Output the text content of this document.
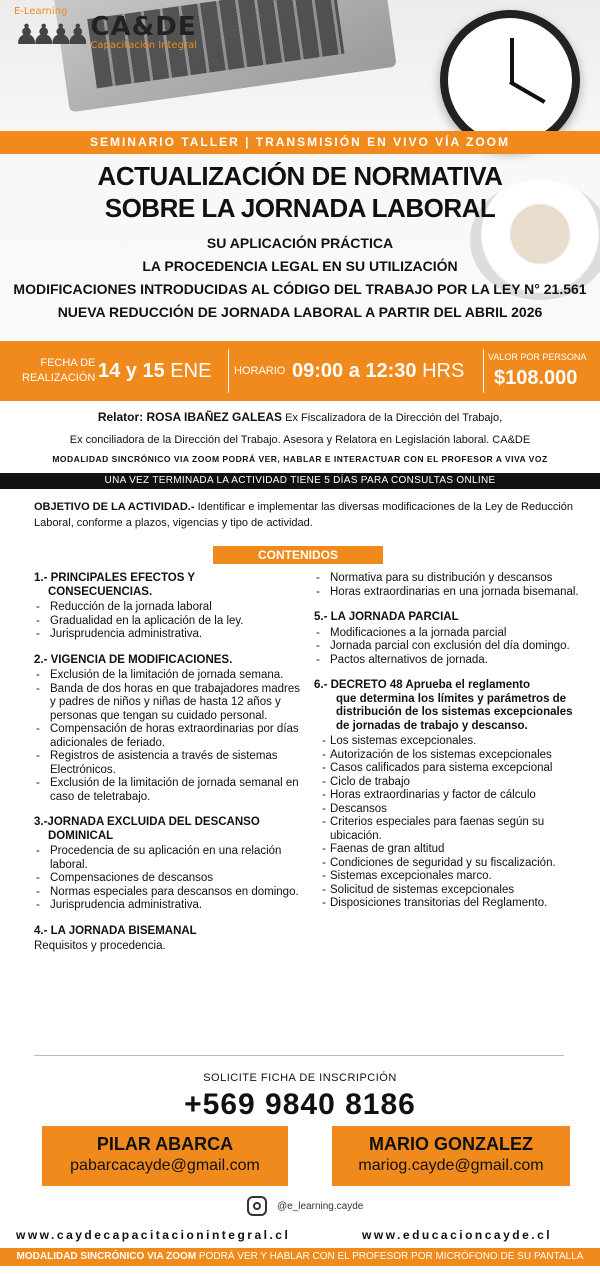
♟♟♟♟
E-Learning
CA&DE
Capacitación Integral
SEMINARIO TALLER | TRANSMISIÓN EN VIVO VÍA ZOOM
ACTUALIZACIÓN DE NORMATIVA
SOBRE LA JORNADA LABORAL
SU APLICACIÓN PRÁCTICA
LA PROCEDENCIA LEGAL EN SU UTILIZACIÓN
MODIFICACIONES INTRODUCIDAS AL CÓDIGO DEL TRABAJO POR LA LEY N° 21.561
NUEVA REDUCCIÓN DE JORNADA LABORAL A PARTIR DEL ABRIL 2026
FECHA DE
REALIZACIÓN 14 y 15 ENE HORARIO 09:00 a 12:30 HRS
VALOR POR PERSONA
$108.000
Relator: ROSA IBAÑEZ GALEAS Ex Fiscalizadora de la Dirección del Trabajo,
Ex conciliadora de la Dirección del Trabajo. Asesora y Relatora en Legislación laboral. CA&DE
MODALIDAD SINCRÓNICO VIA ZOOM PODRÁ VER, HABLAR E INTERACTUAR CON EL PROFESOR A VIVA VOZ
UNA VEZ TERMINADA LA ACTIVIDAD TIENE 5 DÍAS PARA CONSULTAS ONLINE
OBJETIVO DE LA ACTIVIDAD.- Identificar e implementar las diversas modificaciones de la Ley de Reducción Laboral, conforme a plazos, vigencias y tipo de actividad.
CONTENIDOS
1.- PRINCIPALES EFECTOS Y
CONSECUENCIAS.
- Reducción de la jornada laboral
- Gradualidad en la aplicación de la ley.
- Jurisprudencia administrativa.
2.- VIGENCIA DE MODIFICACIONES.
- Exclusión de la limitación de jornada semana.
- Banda de dos horas en que trabajadores madres y padres de niños y niñas de hasta 12 años y personas que tengan su cuidado personal.
- Compensación de horas extraordinarias por días adicionales de feriado.
- Registros de asistencia a través de sistemas Electrónicos.
- Exclusión de la limitación de jornada semanal en caso de teletrabajo.
3.-JORNADA EXCLUIDA DEL DESCANSO
DOMINICAL
- Procedencia de su aplicación en una relación laboral.
- Compensaciones de descansos
- Normas especiales para descansos en domingo.
- Jurisprudencia administrativa.
4.- LA JORNADA BISEMANAL
Requisitos y procedencia.
- Normativa para su distribución y descansos
- Horas extraordinarias en una jornada bisemanal.
5.- LA JORNADA PARCIAL
- Modificaciones a la jornada parcial
- Jornada parcial con exclusión del día domingo.
- Pactos alternativos de jornada.
6.- DECRETO 48 Aprueba el reglamento
que determina los límites y parámetros de distribución de los sistemas excepcionales de jornadas de trabajo y descanso.
- Los sistemas excepcionales.
- Autorización de los sistemas excepcionales
- Casos calificados para sistema excepcional
- Ciclo de trabajo
- Horas extraordinarias y factor de cálculo
- Descansos
- Criterios especiales para faenas según su ubicación.
- Faenas de gran altitud
- Condiciones de seguridad y su fiscalización.
- Sistemas excepcionales marco.
- Solicitud de sistemas excepcionales
- Disposiciones transitorias del Reglamento.
SOLICITE FICHA DE INSCRIPCIÓN
+569 9840 8186
PILAR ABARCA
pabarcacayde@gmail.com
MARIO GONZALEZ
mariog.cayde@gmail.com
@e_learning.cayde
www.caydecapacitacionintegral.cl	www.educacioncayde.cl
MODALIDAD SINCRÓNICO VIA ZOOM PODRÁ VER Y HABLAR CON EL PROFESOR POR MICRÓFONO DE SU PANTALLA
